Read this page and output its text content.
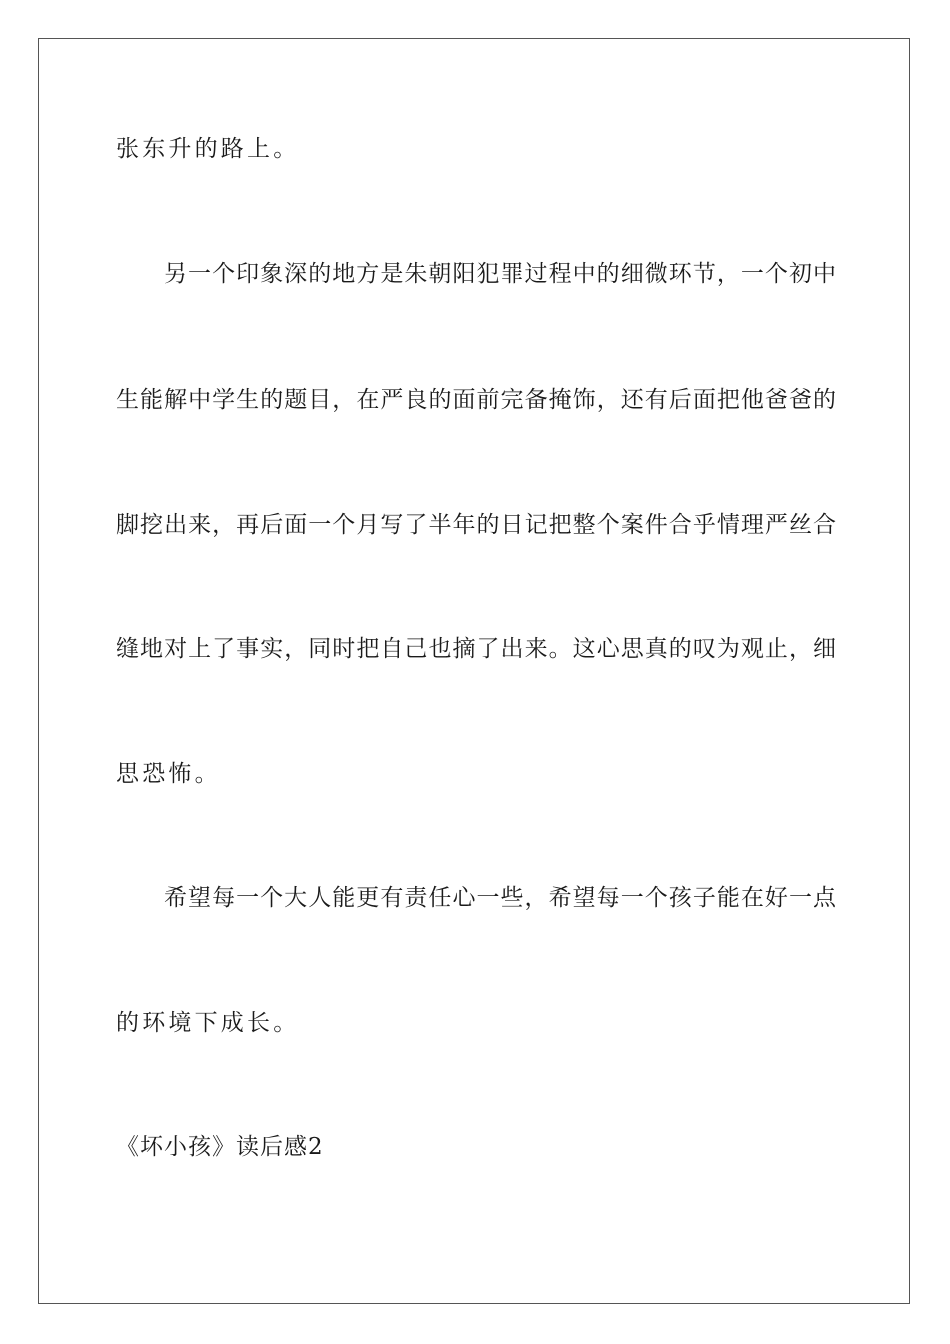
张东升的路上。
另一个印象深的地方是朱朝阳犯罪过程中的细微环节，一个初中
生能解中学生的题目，在严良的面前完备掩饰，还有后面把他爸爸的
脚挖出来，再后面一个月写了半年的日记把整个案件合乎情理严丝合
缝地对上了事实，同时把自己也摘了出来。这心思真的叹为观止，细
思恐怖。
希望每一个大人能更有责任心一些，希望每一个孩子能在好一点
的环境下成长。
《坏小孩》读后感2
